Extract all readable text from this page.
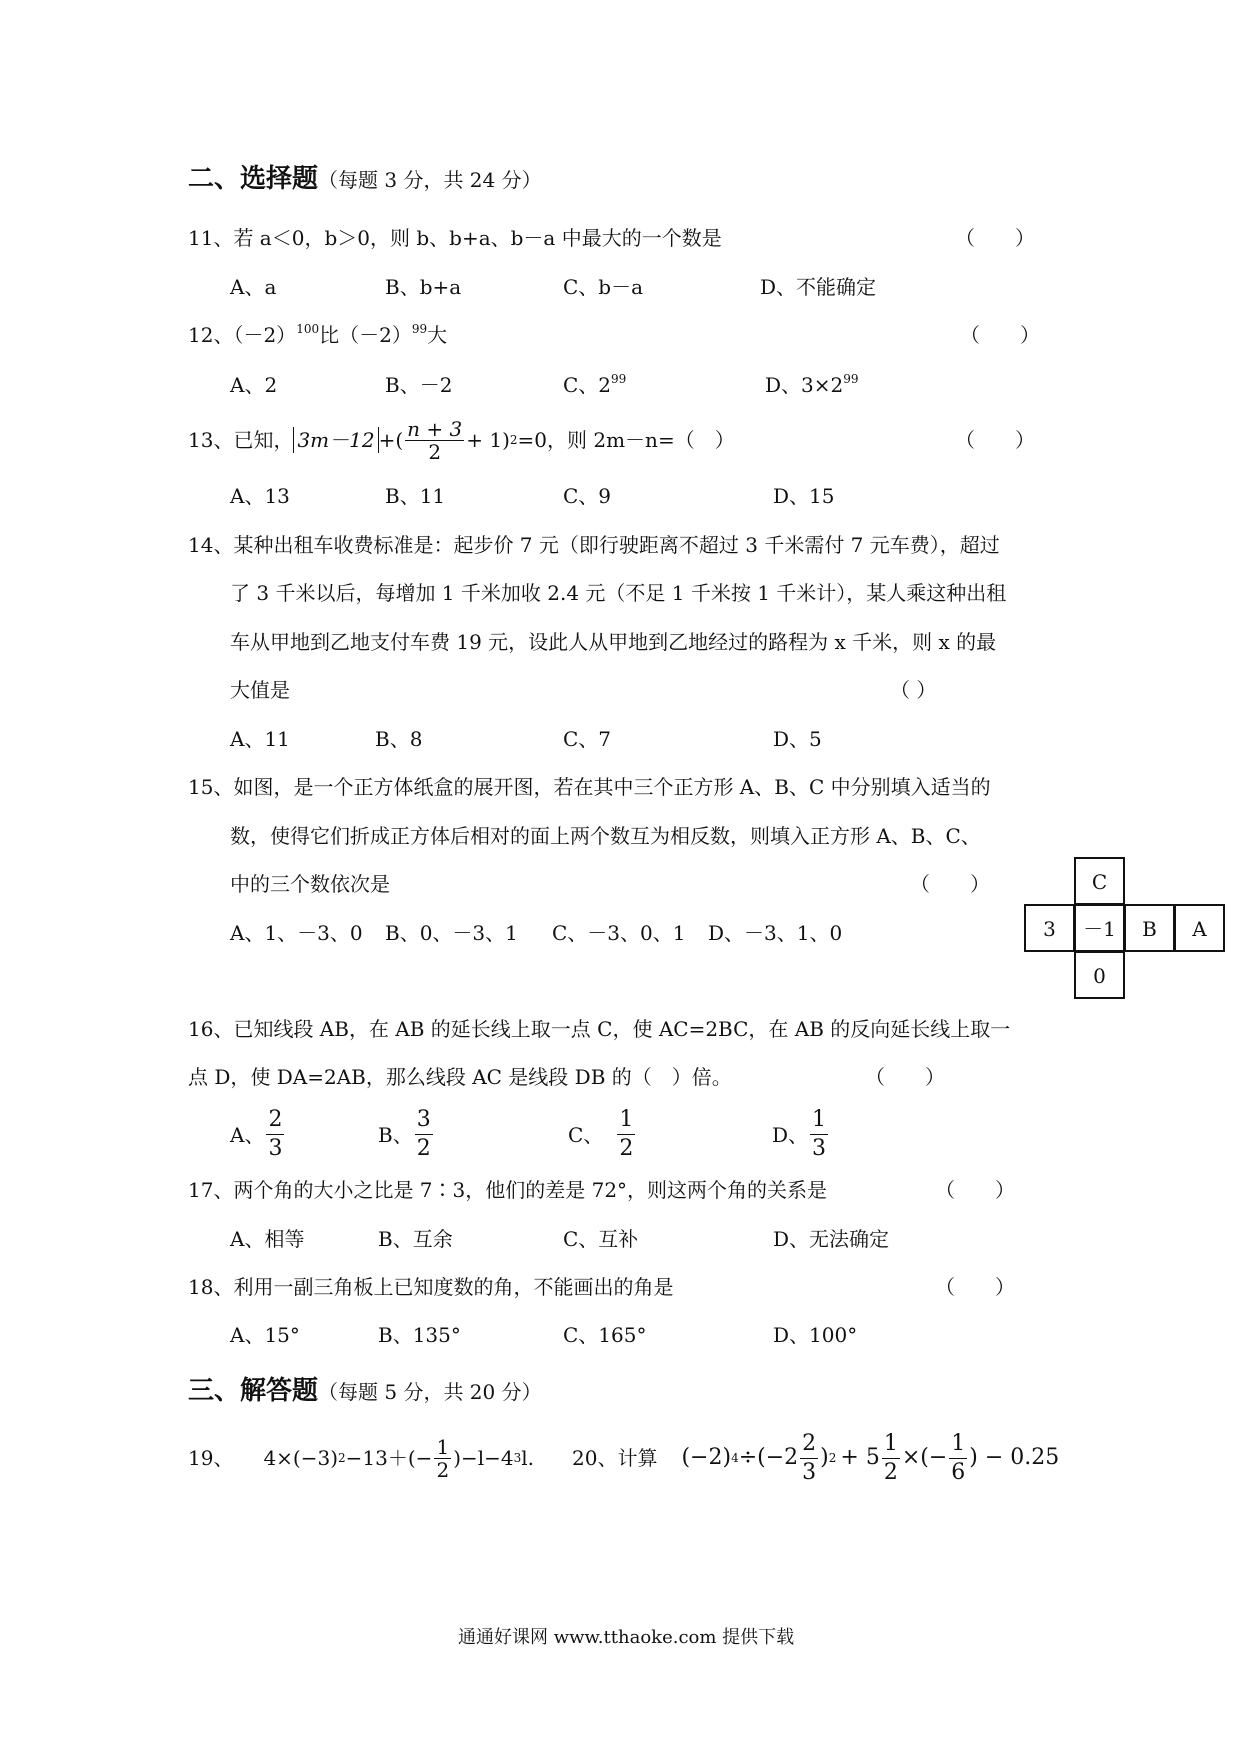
二、选择题（每题 3 分，共 24 分）
11、若 a＜0，b＞0，则 b、b+a、b－a 中最大的一个数是	（　　）
A、a	B、b+a	C、b－a	D、不能确定
12、$(-2)^{100}$比$(-2)^{99}$大	（　　）
A、2	B、－2	C、$2^{99}$	D、$3\times 2^{99}$
13、已知， 3m－12 +( $\frac{n + 3}{2} + 1$) 2 =0，则 2m－n=（　）	（　　）
A、13	B、11	C、9	D、15
14、某种出租车收费标准是：起步价 7 元（即行驶距离不超过 3 千米需付 7 元车费），超过
了 3 千米以后，每增加 1 千米加收 2.4 元（不足 1 千米按 1 千米计），某人乘这种出租
车从甲地到乙地支付车费 19 元，设此人从甲地到乙地经过的路程为 x 千米，则 x 的最
大值是	（ ）
A、11	B、8	C、7	D、5
15、如图，是一个正方体纸盒的展开图，若在其中三个正方形 A、B、C 中分别填入适当的
数，使得它们折成正方体后相对的面上两个数互为相反数，则填入正方形 A、B、C、
中的三个数依次是	（　　）
A、1、－3、0 B、0、－3、1 C、－3、0、1 D、－3、1、0
C
3	－1	B	A
0
16、已知线段 AB，在 AB 的延长线上取一点 C，使 AC=2BC，在 AB 的反向延长线上取一
点 D，使 DA=2AB，那么线段 AC 是线段 DB 的（　）倍。	（　　）
A、 $\frac{2}{3}$	B、 $\frac{3}{2}$	C、 $\frac{1}{2}$	D、 $\frac{1}{3}$
17、两个角的大小之比是 7∶3，他们的差是 72°，则这两个角的关系是	（　　）
A、相等	B、互余	C、互补	D、无法确定
18、利用一副三角板上已知度数的角，不能画出的角是	（　　）
A、15°	B、135°	C、165°	D、100°
三、解答题（每题 5 分，共 20 分）
19、 4×(−3) $2 -13+(- \frac{1}{2} )-l-4$ 3 l. 20、计算 (−2) $4 \div(-2 \frac{2}{3}$ ) $2 + 5 \frac{1}{2}$ ×(− $\frac{1}{6}$ ) − 0.25
通通好课网 www.tthaoke.com 提供下载
